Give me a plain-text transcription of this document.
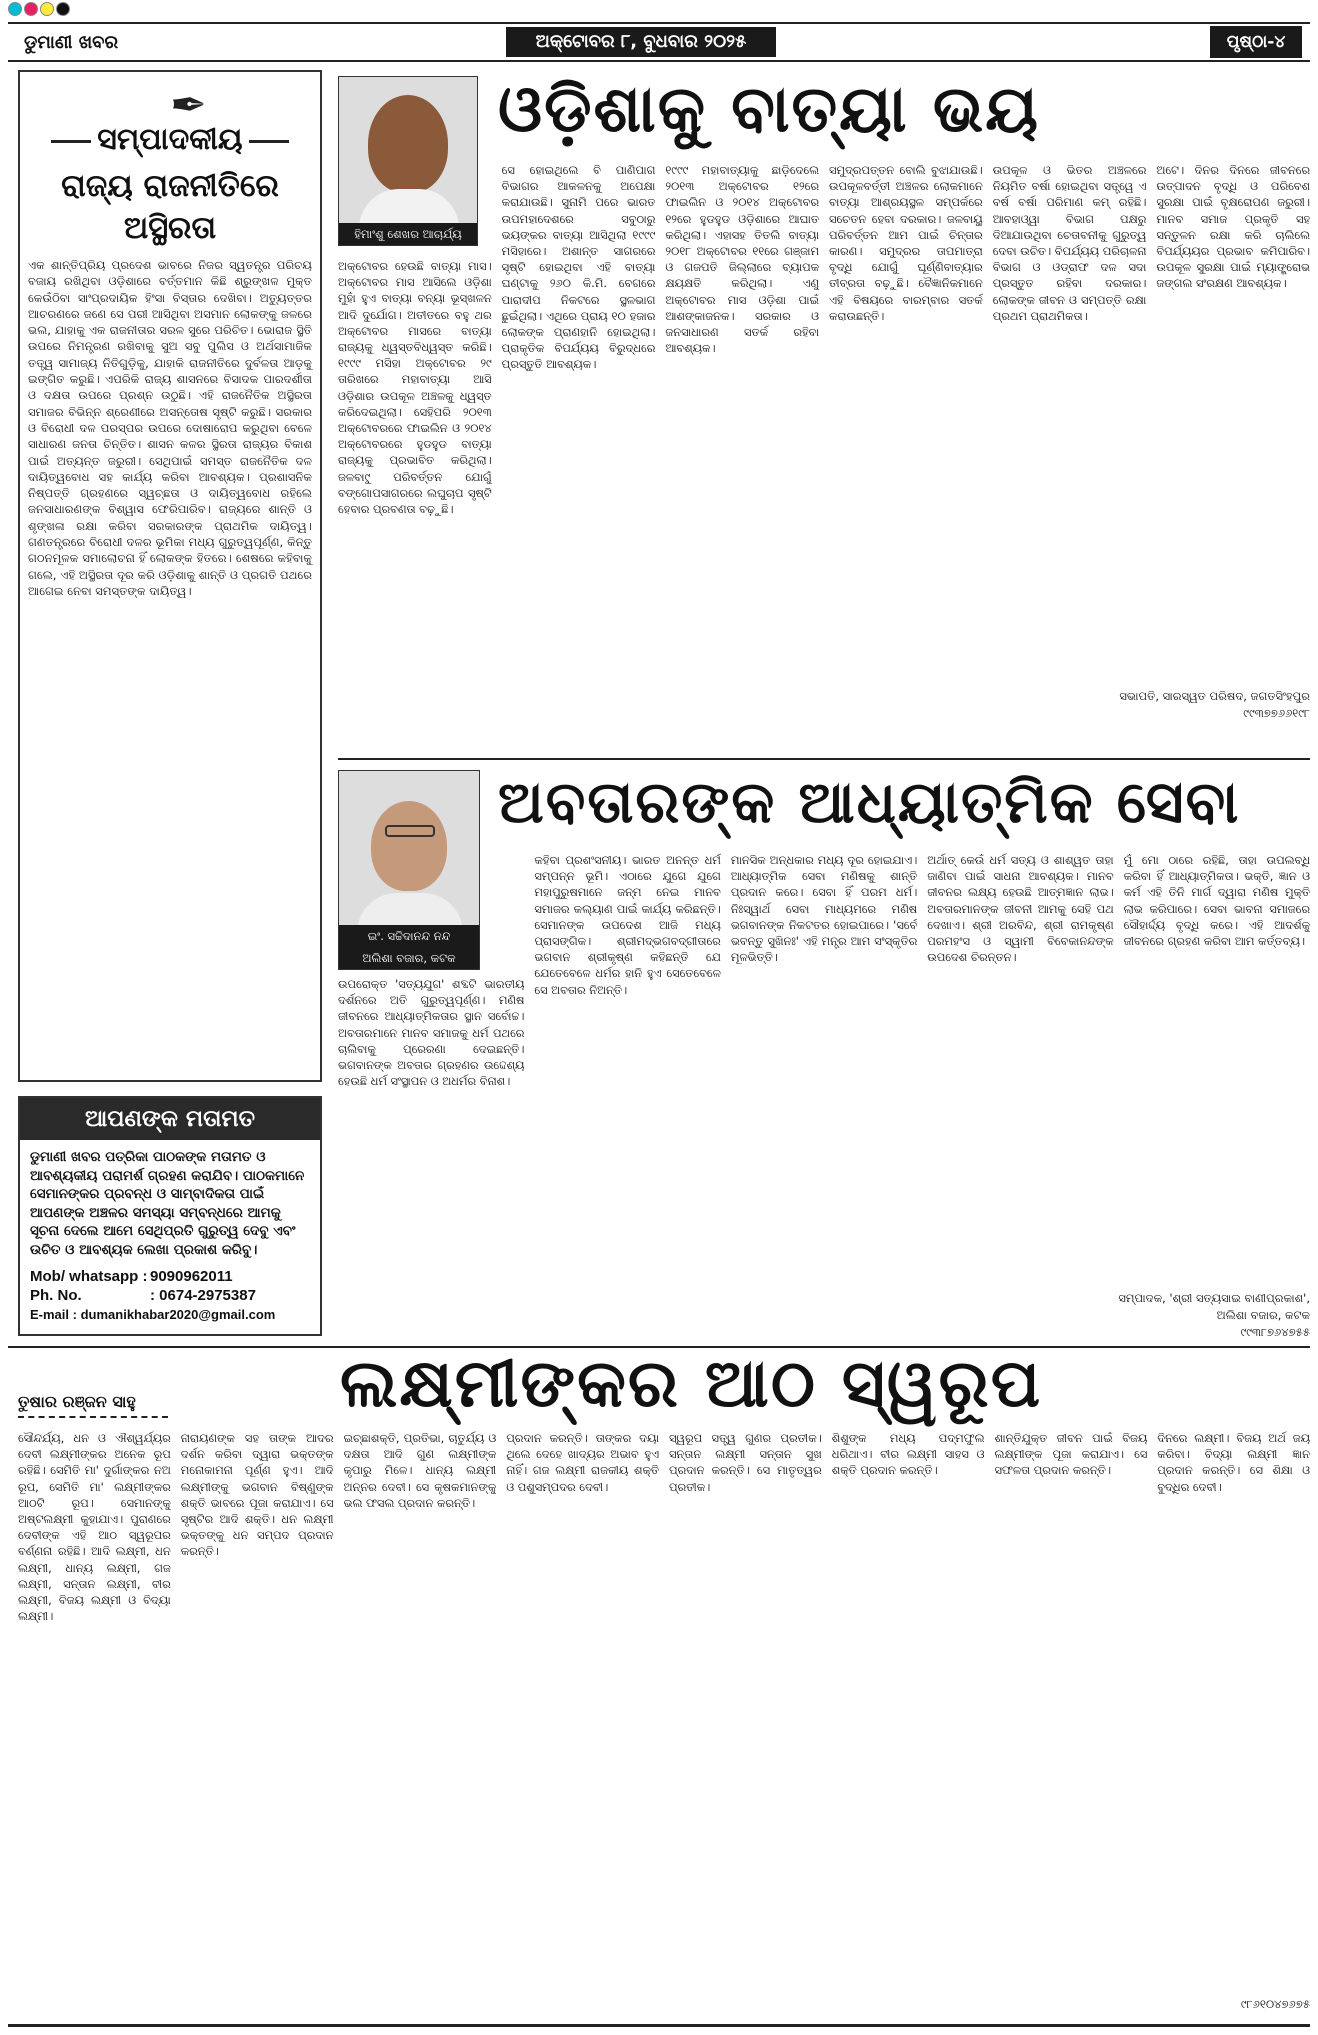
ଡୁମାଣୀ ଖବର	ଅକ୍ଟୋବର ୮, ବୁଧବାର ୨୦୨୫	ପୃଷ୍ଠା-୪
✒
ସମ୍ପାଦକୀୟ
ରାଜ୍ୟ ରାଜନୀତିରେ ଅସ୍ଥିରତା
ଏକ ଶାନ୍ତିପ୍ରିୟ ପ୍ରଦେଶ ଭାବରେ ନିଜର ସ୍ୱତନ୍ତ୍ର ପରିଚୟ ବଜାୟ ରଖିଥିବା ଓଡ଼ିଶାରେ ବର୍ତ୍ତମାନ କିଛି ଶ୍ରୁଙ୍ଖଳ ମୁକ୍ତ କେଉଁଠିବା ସାଂପ୍ରଦାୟିକ ହିଂସା ବିସ୍ତାର ଦେଖିବା। ଅତ୍ୟୁତ୍ତର ଆଚରଣରେ ଜଣେ ସେ ପରୀ ଆସିଥିବା ଅସମାନ ଲୋକଙ୍କୁ ଜଳରେ ଭଲ, ଯାହାକୁ ଏକ ରାଜନୀତାର ସରଳ ସୁରେ ପରିଚିତ। ଭୋରାଜ ସ୍ଥିତି ଉପରେ ନିମନ୍ତ୍ରଣ ରଖିବାକୁ ସୁଅ ସବୁ ପୁଲିସ ଓ ଅର୍ଥସାମାଜିକ ତତ୍ତ୍ୱ ସାମାଜ୍ୟ ନିତିଗୁଡ଼ିକୁ, ଯାହାକି ରାଜନୀତିରେ ଦୁର୍ବଳତା ଆଡ଼କୁ ଇଙ୍ଗିତ କରୁଛି। ଏପରିକି ରାଜ୍ୟ ଶାସନରେ ବିସାଦକ ପାରଦର୍ଶୀତା ଓ ଦକ୍ଷତା ଉପରେ ପ୍ରଶ୍ନ ଉଠୁଛି। ଏହି ରାଜନୈତିକ ଅସ୍ଥିରତା ସମାଜର ବିଭିନ୍ନ ଶ୍ରେଣୀରେ ଅସନ୍ତୋଷ ସୃଷ୍ଟି କରୁଛି। ସରକାର ଓ ବିରୋଧୀ ଦଳ ପରସ୍ପର ଉପରେ ଦୋଷାରୋପ କରୁଥିବା ବେଳେ ସାଧାରଣ ଜନତା ଚିନ୍ତିତ। ଶାସନ କଳର ସ୍ଥିରତା ରାଜ୍ୟର ବିକାଶ ପାଇଁ ଅତ୍ୟନ୍ତ ଜରୁରୀ। ସେଥିପାଇଁ ସମସ୍ତ ରାଜନୈତିକ ଦଳ ଦାୟିତ୍ୱବୋଧ ସହ କାର୍ଯ୍ୟ କରିବା ଆବଶ୍ୟକ। ପ୍ରଶାସନିକ ନିଷ୍ପତ୍ତି ଗ୍ରହଣରେ ସ୍ୱଚ୍ଛତା ଓ ଦାୟିତ୍ୱବୋଧ ରହିଲେ ଜନସାଧାରଣଙ୍କ ବିଶ୍ୱାସ ଫେରିପାରିବ। ରାଜ୍ୟରେ ଶାନ୍ତି ଓ ଶୃଙ୍ଖଳା ରକ୍ଷା କରିବା ସରକାରଙ୍କ ପ୍ରାଥମିକ ଦାୟିତ୍ୱ। ଗଣତନ୍ତ୍ରରେ ବିରୋଧୀ ଦଳର ଭୂମିକା ମଧ୍ୟ ଗୁରୁତ୍ୱପୂର୍ଣ୍ଣ, କିନ୍ତୁ ଗଠନମୂଳକ ସମାଲୋଚନା ହିଁ ଲୋକଙ୍କ ହିତରେ। ଶେଷରେ କହିବାକୁ ଗଲେ, ଏହି ଅସ୍ଥିରତା ଦୂର କରି ଓଡ଼ିଶାକୁ ଶାନ୍ତି ଓ ପ୍ରଗତି ପଥରେ ଆଗେଇ ନେବା ସମସ୍ତଙ୍କ ଦାୟିତ୍ୱ।
ଆପଣଙ୍କ ମତାମତ
ଡୁମାଣୀ ଖବର ପତ୍ରିକା ପାଠକଙ୍କ ମତାମତ ଓ ଆବଶ୍ୟକୀୟ ପରାମର୍ଶ ଗ୍ରହଣ କରାଯିବ। ପାଠକମାନେ ସେମାନଙ୍କର ପ୍ରବନ୍ଧ ଓ ସାମ୍ବାଦିକତା ପାଇଁ ଆପଣଙ୍କ ଅଞ୍ଚଳର ସମସ୍ୟା ସମ୍ବନ୍ଧରେ ଆମକୁ ସୂଚନା ଦେଲେ ଆମେ ସେଥିପ୍ରତି ଗୁରୁତ୍ୱ ଦେବୁ ଏବଂ ଉଚିତ ଓ ଆବଶ୍ୟକ ଲେଖା ପ୍ରକାଶ କରିବୁ।
Mob/ whatsapp : 9090962011
Ph. No.	: 0674-2975387
E-mail :
dumanikhabar2020@gmail.com
ହିମାଂଶୁ ଶେଖର ଆଚାର୍ଯ୍ୟ
ଓଡ଼ିଶାକୁ ବାତ୍ୟା ଭୟ
ଅକ୍ଟୋବର ହେଉଛି ବାତ୍ୟା ମାସ। ଅକ୍ଟୋବର ମାସ ଆସିଲେ ଓଡ଼ିଶା ମୁହାଁ ହୁଏ ବାତ୍ୟା ବନ୍ୟା ଭୂସ୍ଖଳନ ଆଦି ଦୁର୍ଯୋଗ। ଅତୀତରେ ବହୁ ଥର ଅକ୍ଟୋବର ମାସରେ ବାତ୍ୟା ରାଜ୍ୟକୁ ଧ୍ୱସ୍ତବିଧ୍ୱସ୍ତ କରିଛି। ୧୯୯୯ ମସିହା ଅକ୍ଟୋବର ୨୯ ତାରିଖରେ ମହାବାତ୍ୟା ଆସି ଓଡ଼ିଶାର ଉପକୂଳ ଅଞ୍ଚଳକୁ ଧ୍ୱସ୍ତ କରିଦେଇଥିଲା। ସେହିପରି ୨୦୧୩ ଅକ୍ଟୋବରରେ ଫାଇଲିନ ଓ ୨୦୧୪ ଅକ୍ଟୋବରରେ ହୁଡହୁଡ ବାତ୍ୟା ରାଜ୍ୟକୁ ପ୍ରଭାବିତ କରିଥିଲା। ଜଳବା୯ୁ ପରିବର୍ତ୍ତନ ଯୋଗୁଁ ବଙ୍ଗୋପସାଗରରେ ଲଘୁଚାପ ସୃଷ୍ଟି ହେବାର ପ୍ରବଣତା ବଢ଼ୁଛି।
ସେ ହୋଇଥିଲେ ବି ପାଣିପାଗ ବିଭାଗର ଆକଳନକୁ ଅପେକ୍ଷା କରାଯାଉଛି। ସୁନାମି ପରେ ଭାରତ ଉପମହାଦେଶରେ ସବୁଠାରୁ ଭୟଙ୍କର ବାତ୍ୟା ଆସିଥିଲା ୧୯୯୯ ମସିହାରେ। ଅଶାନ୍ତ ସାଗରରେ ସୃଷ୍ଟି ହୋଇଥିବା ଏହି ବାତ୍ୟା ଘଣ୍ଟାକୁ ୨୬୦ କି.ମି. ବେଗରେ ପାରାଦୀପ ନିକଟରେ ସ୍ଥଳଭାଗ ଛୁଇଁଥିଲା। ଏଥିରେ ପ୍ରାୟ ୧୦ ହଜାର ଲୋକଙ୍କ ପ୍ରାଣହାନି ହୋଇଥିଲା। ପ୍ରାକୃତିକ ବିପର୍ଯ୍ୟୟ ବିରୁଦ୍ଧରେ ପ୍ରସ୍ତୁତି ଆବଶ୍ୟକ।
୧୯୯୯ ମହାବାତ୍ୟାକୁ ଛାଡ଼ିଦେଲେ ୨୦୧୩ ଅକ୍ଟୋବର ୧୨ରେ ଫାଇଲିନ ଓ ୨୦୧୪ ଅକ୍ଟୋବର ୧୨ରେ ହୁଡହୁଡ ଓଡ଼ିଶାରେ ଆଘାତ କରିଥିଲା। ଏହାସହ ତିତଲି ବାତ୍ୟା ୨୦୧୮ ଅକ୍ଟୋବର ୧୧ରେ ଗଞ୍ଜାମ ଓ ଗଜପତି ଜିଲ୍ଲାରେ ବ୍ୟାପକ କ୍ଷୟକ୍ଷତି କରିଥିଲା। ଏଣୁ ଅକ୍ଟୋବର ମାସ ଓଡ଼ିଶା ପାଇଁ ଆଶଙ୍କାଜନକ। ସରକାର ଓ ଜନସାଧାରଣ ସତର୍କ ରହିବା ଆବଶ୍ୟକ।
ସମୁଦ୍ରପତ୍ତନ ବୋଲି ବୁଝାଯାଉଛି। ଉପକୂଳବର୍ତ୍ତୀ ଅଞ୍ଚଳର ଲୋକମାନେ ବାତ୍ୟା ଆଶ୍ରୟସ୍ଥଳ ସମ୍ପର୍କରେ ସଚେତନ ହେବା ଦରକାର। ଜଳବାୟୁ ପରିବର୍ତ୍ତନ ଆମ ପାଇଁ ଚିନ୍ତାର କାରଣ। ସମୁଦ୍ରର ତାପମାତ୍ରା ବୃଦ୍ଧି ଯୋଗୁଁ ଘୂର୍ଣ୍ଣିବାତ୍ୟାର ତୀବ୍ରତା ବଢ଼ୁଛି। ବୈଜ୍ଞାନିକମାନେ ଏହି ବିଷୟରେ ବାରମ୍ବାର ସତର୍କ କରାଉଛନ୍ତି।
ଉପକୂଳ ଓ ଭିତର ଅଞ୍ଚଳରେ ନିୟମିତ ବର୍ଷା ହୋଇଥିବା ସତ୍ତ୍ୱେ ଏ ବର୍ଷ ବର୍ଷା ପରିମାଣ କମ୍ ରହିଛି। ଆବହାଓ୍ୱା ବିଭାଗ ପକ୍ଷରୁ ଦିଆଯାଉଥିବା ଚେତାବନୀକୁ ଗୁରୁତ୍ୱ ଦେବା ଉଚିତ। ବିପର୍ଯ୍ୟୟ ପରିଚାଳନା ବିଭାଗ ଓ ଓଡ୍ରାଫ ଦଳ ସଦା ପ୍ରସ୍ତୁତ ରହିବା ଦରକାର। ଲୋକଙ୍କ ଜୀବନ ଓ ସମ୍ପତ୍ତି ରକ୍ଷା ପ୍ରଥମ ପ୍ରାଥମିକତା।
ଅଟେ। ଦିନର ଦିନରେ ଜୀବନରେ ଉତ୍ପାଦନ ବୃଦ୍ଧି ଓ ପରିବେଶ ସୁରକ୍ଷା ପାଇଁ ବୃକ୍ଷରୋପଣ ଜରୁରୀ। ମାନବ ସମାଜ ପ୍ରକୃତି ସହ ସନ୍ତୁଳନ ରକ୍ଷା କରି ଚାଲିଲେ ବିପର୍ଯ୍ୟୟର ପ୍ରଭାବ କମିପାରିବ। ଉପକୂଳ ସୁରକ୍ଷା ପାଇଁ ମ୍ୟାଙ୍ଗ୍ରୋଭ ଜଙ୍ଗଲ ସଂରକ୍ଷଣ ଆବଶ୍ୟକ।
ସଭାପତି, ସାରସ୍ୱତ ପରିଷଦ, ଜଗତସିଂହପୁର
୯୯୩୭୭୬୬୧୯୮
ଇଂ. ସଚ୍ଚିଦାନନ୍ଦ ନନ୍ଦ
ଅଲିଶା ବଜାର, କଟକ
ଅବତାରଙ୍କ ଆଧ୍ୟାତ୍ମିକ ସେବା
ଉପରୋକ୍ତ 'ସତ୍ୟଯୁଗ' ଶବ୍ଦଟି ଭାରତୀୟ ଦର୍ଶନରେ ଅତି ଗୁରୁତ୍ୱପୂର୍ଣ୍ଣ। ମଣିଷ ଜୀବନରେ ଆଧ୍ୟାତ୍ମିକତାର ସ୍ଥାନ ସର୍ବୋଚ୍ଚ। ଅବତାରମାନେ ମାନବ ସମାଜକୁ ଧର୍ମ ପଥରେ ଚାଲିବାକୁ ପ୍ରେରଣା ଦେଇଛନ୍ତି। ଭଗବାନଙ୍କ ଅବତାର ଗ୍ରହଣର ଉଦ୍ଦେଶ୍ୟ ହେଉଛି ଧର୍ମ ସଂସ୍ଥାପନ ଓ ଅଧର୍ମର ବିନାଶ।
କହିବା ପ୍ରଶଂସନୀୟ। ଭାରତ ଅନନ୍ତ ଧର୍ମ ସମ୍ପନ୍ନ ଭୂମି। ଏଠାରେ ଯୁଗେ ଯୁଗେ ମହାପୁରୁଷମାନେ ଜନ୍ମ ନେଇ ମାନବ ସମାଜର କଲ୍ୟାଣ ପାଇଁ କାର୍ଯ୍ୟ କରିଛନ୍ତି। ସେମାନଙ୍କ ଉପଦେଶ ଆଜି ମଧ୍ୟ ପ୍ରାସଙ୍ଗିକ। ଶ୍ରୀମଦ୍ଭଗବଦ୍ଗୀତାରେ ଭଗବାନ ଶ୍ରୀକୃଷ୍ଣ କହିଛନ୍ତି ଯେ ଯେତେବେଳେ ଧର୍ମର ହାନି ହୁଏ ସେତେବେଳେ ସେ ଅବତାର ନିଅନ୍ତି।
ମାନସିକ ଅନ୍ଧକାର ମଧ୍ୟ ଦୂର ହୋଇଯାଏ। ଆଧ୍ୟାତ୍ମିକ ସେବା ମଣିଷକୁ ଶାନ୍ତି ପ୍ରଦାନ କରେ। ସେବା ହିଁ ପରମ ଧର୍ମ। ନିଃସ୍ୱାର୍ଥ ସେବା ମାଧ୍ୟମରେ ମଣିଷ ଭଗବାନଙ୍କ ନିକଟତର ହୋଇପାରେ। 'ସର୍ବେ ଭବନ୍ତୁ ସୁଖିନଃ' ଏହି ମନ୍ତ୍ର ଆମ ସଂସ୍କୃତିର ମୂଳଭିତ୍ତି।
ଅର୍ଥାତ୍ କେଉଁ ଧର୍ମ ସତ୍ୟ ଓ ଶାଶ୍ୱତ ତାହା ଜାଣିବା ପାଇଁ ସାଧନା ଆବଶ୍ୟକ। ମାନବ ଜୀବନର ଲକ୍ଷ୍ୟ ହେଉଛି ଆତ୍ମଜ୍ଞାନ ଲାଭ। ଅବତାରମାନଙ୍କ ଜୀବନୀ ଆମକୁ ସେହି ପଥ ଦେଖାଏ। ଶ୍ରୀ ଅରବିନ୍ଦ, ଶ୍ରୀ ରାମକୃଷ୍ଣ ପରମହଂସ ଓ ସ୍ୱାମୀ ବିବେକାନନ୍ଦଙ୍କ ଉପଦେଶ ଚିରନ୍ତନ।
ମୁଁ ମୋ ଠାରେ ରହିଛି, ତାହା ଉପଲବ୍ଧି କରିବା ହିଁ ଆଧ୍ୟାତ୍ମିକତା। ଭକ୍ତି, ଜ୍ଞାନ ଓ କର୍ମ ଏହି ତିନି ମାର୍ଗ ଦ୍ୱାରା ମଣିଷ ମୁକ୍ତି ଲାଭ କରିପାରେ। ସେବା ଭାବନା ସମାଜରେ ସୌହାର୍ଦ୍ଦ୍ୟ ବୃଦ୍ଧି କରେ। ଏହି ଆଦର୍ଶକୁ ଜୀବନରେ ଗ୍ରହଣ କରିବା ଆମ କର୍ତ୍ତବ୍ୟ।
ସମ୍ପାଦକ, 'ଶ୍ରୀ ସତ୍ୟସାଇ ବାଣୀପ୍ରକାଶ', ଅଲିଶା ବଜାର, କଟକ
୯୯୩୮୭୬୪୭୫୫
ଲକ୍ଷ୍ମୀଙ୍କର ଆଠ ସ୍ୱରୂପ
ତୁଷାର ରଞ୍ଜନ ସାହୁ
ସୌନ୍ଦର୍ଯ୍ୟ, ଧନ ଓ ଐଶ୍ୱର୍ଯ୍ୟର ଦେବୀ ଲକ୍ଷ୍ମୀଙ୍କର ଅନେକ ରୂପ ରହିଛି। ସେମିତି ମା' ଦୁର୍ଗାଙ୍କର ନଅ ରୂପ, ସେମିତି ମା' ଲକ୍ଷ୍ମୀଙ୍କର ଆଠଟି ରୂପ। ସେମାନଙ୍କୁ ଅଷ୍ଟଲକ୍ଷ୍ମୀ କୁହାଯାଏ। ପୁରାଣରେ ଦେବୀଙ୍କ ଏହି ଆଠ ସ୍ୱରୂପର ବର୍ଣ୍ଣନା ରହିଛି। ଆଦି ଲକ୍ଷ୍ମୀ, ଧନ ଲକ୍ଷ୍ମୀ, ଧାନ୍ୟ ଲକ୍ଷ୍ମୀ, ଗଜ ଲକ୍ଷ୍ମୀ, ସନ୍ତାନ ଲକ୍ଷ୍ମୀ, ବୀର ଲକ୍ଷ୍ମୀ, ବିଜୟ ଲକ୍ଷ୍ମୀ ଓ ବିଦ୍ୟା ଲକ୍ଷ୍ମୀ।
ନାରାୟଣଙ୍କ ସହ ତାଙ୍କ ଆଦର ଦର୍ଶନ କରିବା ଦ୍ୱାରା ଭକ୍ତଙ୍କ ମନୋକାମନା ପୂର୍ଣ୍ଣ ହୁଏ। ଆଦି ଲକ୍ଷ୍ମୀଙ୍କୁ ଭଗବାନ ବିଷ୍ଣୁଙ୍କ ଶକ୍ତି ଭାବରେ ପୂଜା କରାଯାଏ। ସେ ସୃଷ୍ଟିର ଆଦି ଶକ୍ତି। ଧନ ଲକ୍ଷ୍ମୀ ଭକ୍ତଙ୍କୁ ଧନ ସମ୍ପଦ ପ୍ରଦାନ କରନ୍ତି।
ଇଚ୍ଛାଶକ୍ତି, ପ୍ରତିଭା, ଚାତୁର୍ଯ୍ୟ ଓ ଦକ୍ଷତା ଆଦି ଗୁଣ ଲକ୍ଷ୍ମୀଙ୍କ କୃପାରୁ ମିଳେ। ଧାନ୍ୟ ଲକ୍ଷ୍ମୀ ଅନ୍ନର ଦେବୀ। ସେ କୃଷକମାନଙ୍କୁ ଭଲ ଫସଲ ପ୍ରଦାନ କରନ୍ତି।
ପ୍ରଦାନ କରନ୍ତି। ତାଙ୍କର ଦୟା ଥିଲେ ଦେହେ ଖାଦ୍ୟର ଅଭାବ ହୁଏ ନାହିଁ। ଗଜ ଲକ୍ଷ୍ମୀ ରାଜକୀୟ ଶକ୍ତି ଓ ପଶୁସମ୍ପଦର ଦେବୀ।
ସ୍ୱରୂପ ସତ୍ତ୍ୱ ଗୁଣର ପ୍ରତୀକ। ସନ୍ତାନ ଲକ୍ଷ୍ମୀ ସନ୍ତାନ ସୁଖ ପ୍ରଦାନ କରନ୍ତି। ସେ ମାତୃତ୍ୱର ପ୍ରତୀକ।
ଶିଶୁଙ୍କ ମଧ୍ୟ ପଦ୍ମଫୁଲ ଧରିଥାଏ। ବୀର ଲକ୍ଷ୍ମୀ ସାହସ ଓ ଶକ୍ତି ପ୍ରଦାନ କରନ୍ତି।
ଶାନ୍ତିଯୁକ୍ତ ଜୀବନ ପାଇଁ ବିଜୟ ଲକ୍ଷ୍ମୀଙ୍କ ପୂଜା କରାଯାଏ। ସେ ସଫଳତା ପ୍ରଦାନ କରନ୍ତି।
ଦିନରେ ଲକ୍ଷ୍ମୀ। ବିଜୟ ଅର୍ଥ ଜୟ କରିବା। ବିଦ୍ୟା ଲକ୍ଷ୍ମୀ ଜ୍ଞାନ ପ୍ରଦାନ କରନ୍ତି। ସେ ଶିକ୍ଷା ଓ ବୁଦ୍ଧିର ଦେବୀ।
୯୮୬୧୦୪୭୬୭୫
